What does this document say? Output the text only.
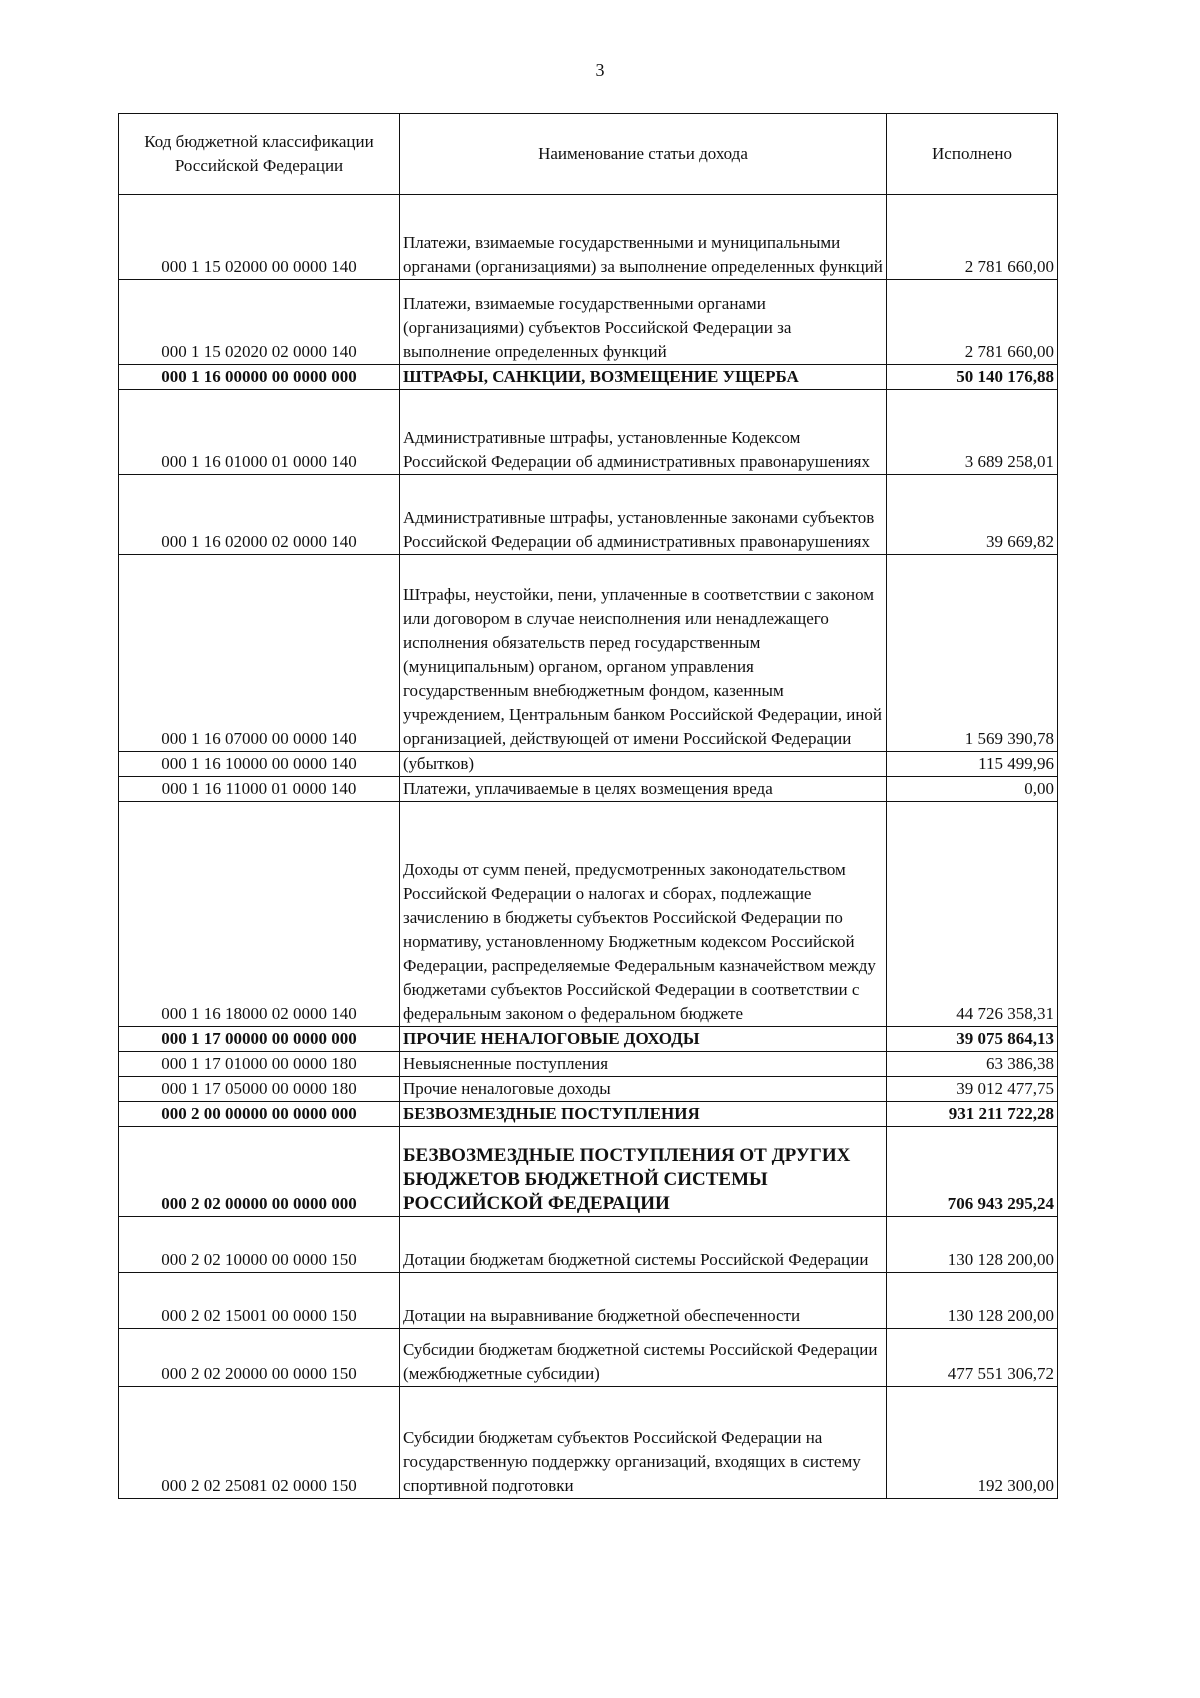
3
Код бюджетной классификации Российской Федерации	Наименование статьи дохода	Исполнено
000 1 15 02000 00 0000 140	Платежи, взимаемые государственными и муниципальными органами (организациями) за выполнение определенных функций	2 781 660,00
000 1 15 02020 02 0000 140	Платежи, взимаемые государственными органами (организациями) субъектов Российской Федерации за выполнение определенных функций	2 781 660,00
000 1 16 00000 00 0000 000	ШТРАФЫ, САНКЦИИ, ВОЗМЕЩЕНИЕ УЩЕРБА	50 140 176,88
000 1 16 01000 01 0000 140	Административные штрафы, установленные Кодексом Российской Федерации об административных правонарушениях	3 689 258,01
000 1 16 02000 02 0000 140	Административные штрафы, установленные законами субъектов Российской Федерации об административных правонарушениях	39 669,82
000 1 16 07000 00 0000 140	Штрафы, неустойки, пени, уплаченные в соответствии с законом или договором в случае неисполнения или ненадлежащего исполнения обязательств перед государственным (муниципальным) органом, органом управления государственным внебюджетным фондом, казенным учреждением, Центральным банком Российской Федерации, иной организацией, действующей от имени Российской Федерации	1 569 390,78
000 1 16 10000 00 0000 140	(убытков)	115 499,96
000 1 16 11000 01 0000 140	Платежи, уплачиваемые в целях возмещения вреда	0,00
000 1 16 18000 02 0000 140	Доходы от сумм пеней, предусмотренных законодательством Российской Федерации о налогах и сборах, подлежащие зачислению в бюджеты субъектов Российской Федерации по нормативу, установленному Бюджетным кодексом Российской Федерации, распределяемые Федеральным казначейством между бюджетами субъектов Российской Федерации в соответствии с федеральным законом о федеральном бюджете	44 726 358,31
000 1 17 00000 00 0000 000	ПРОЧИЕ НЕНАЛОГОВЫЕ ДОХОДЫ	39 075 864,13
000 1 17 01000 00 0000 180	Невыясненные поступления	63 386,38
000 1 17 05000 00 0000 180	Прочие неналоговые доходы	39 012 477,75
000 2 00 00000 00 0000 000	БЕЗВОЗМЕЗДНЫЕ ПОСТУПЛЕНИЯ	931 211 722,28
000 2 02 00000 00 0000 000	БЕЗВОЗМЕЗДНЫЕ ПОСТУПЛЕНИЯ ОТ ДРУГИХ БЮДЖЕТОВ БЮДЖЕТНОЙ СИСТЕМЫ РОССИЙСКОЙ ФЕДЕРАЦИИ	706 943 295,24
000 2 02 10000 00 0000 150	Дотации бюджетам бюджетной системы Российской Федерации	130 128 200,00
000 2 02 15001 00 0000 150	Дотации на выравнивание бюджетной обеспеченности	130 128 200,00
000 2 02 20000 00 0000 150	Субсидии бюджетам бюджетной системы Российской Федерации (межбюджетные субсидии)	477 551 306,72
000 2 02 25081 02 0000 150	Субсидии бюджетам субъектов Российской Федерации на государственную поддержку организаций, входящих в систему спортивной подготовки	192 300,00
